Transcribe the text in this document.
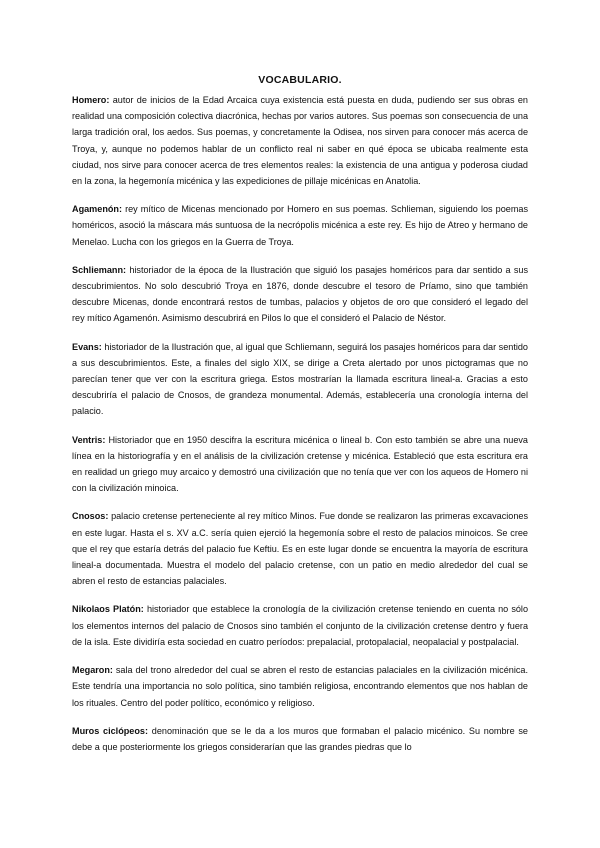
VOCABULARIO.

Homero: autor de inicios de la Edad Arcaica cuya existencia está puesta en duda, pudiendo ser sus obras en realidad una composición colectiva diacrónica, hechas por varios autores. Sus poemas son consecuencia de una larga tradición oral, los aedos. Sus poemas, y concretamente la Odisea, nos sirven para conocer más acerca de Troya, y, aunque no podemos hablar de un conflicto real ni saber en qué época se ubicaba realmente esta ciudad, nos sirve para conocer acerca de tres elementos reales: la existencia de una antigua y poderosa ciudad en la zona, la hegemonía micénica y las expediciones de pillaje micénicas en Anatolia.

Agamenón: rey mítico de Micenas mencionado por Homero en sus poemas. Schlieman, siguiendo los poemas homéricos, asoció la máscara más suntuosa de la necrópolis micénica a este rey. Es hijo de Atreo y hermano de Menelao. Lucha con los griegos en la Guerra de Troya.

Schliemann: historiador de la época de la Ilustración que siguió los pasajes homéricos para dar sentido a sus descubrimientos. No solo descubrió Troya en 1876, donde descubre el tesoro de Príamo, sino que también descubre Micenas, donde encontrará restos de tumbas, palacios y objetos de oro que consideró el legado del rey mítico Agamenón. Asimismo descubrirá en Pilos lo que el consideró el Palacio de Néstor.

Evans: historiador de la Ilustración que, al igual que Schliemann, seguirá los pasajes homéricos para dar sentido a sus descubrimientos. Este, a finales del siglo XIX, se dirige a Creta alertado por unos pictogramas que no parecían tener que ver con la escritura griega. Estos mostrarían la llamada escritura lineal-a. Gracias a esto descubriría el palacio de Cnosos, de grandeza monumental. Además, establecería una cronología interna del palacio.

Ventris: Historiador que en 1950 descifra la escritura micénica o lineal b. Con esto también se abre una nueva línea en la historiografía y en el análisis de la civilización cretense y micénica. Estableció que esta escritura era en realidad un griego muy arcaico y demostró una civilización que no tenía que ver con los aqueos de Homero ni con la civilización minoica.

Cnosos: palacio cretense perteneciente al rey mítico Minos. Fue donde se realizaron las primeras excavaciones en este lugar. Hasta el s. XV a.C. sería quien ejerció la hegemonía sobre el resto de palacios minoicos. Se cree que el rey que estaría detrás del palacio fue Keftiu. Es en este lugar donde se encuentra la mayoría de escritura lineal-a documentada. Muestra el modelo del palacio cretense, con un patio en medio alrededor del cual se abren el resto de estancias palaciales.

Nikolaos Platón: historiador que establece la cronología de la civilización cretense teniendo en cuenta no sólo los elementos internos del palacio de Cnosos sino también el conjunto de la civilización cretense dentro y fuera de la isla. Este dividiría esta sociedad en cuatro períodos: prepalacial, protopalacial, neopalacial y postpalacial.

Megaron: sala del trono alrededor del cual se abren el resto de estancias palaciales en la civilización micénica. Este tendría una importancia no solo política, sino también religiosa, encontrando elementos que nos hablan de los rituales. Centro del poder político, económico y religioso.

Muros ciclópeos: denominación que se le da a los muros que formaban el palacio micénico. Su nombre se debe a que posteriormente los griegos considerarían que las grandes piedras que lo
